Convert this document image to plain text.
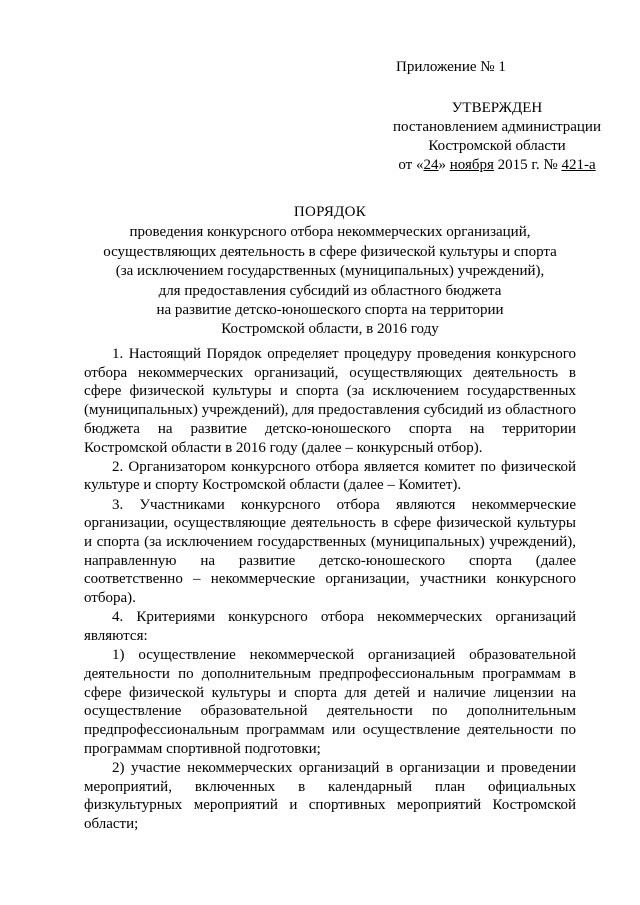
Приложение № 1
УТВЕРЖДЕН
постановлением администрации
Костромской области
от «24» ноября 2015 г. № 421-а
ПОРЯДОК
проведения конкурсного отбора некоммерческих организаций,
осуществляющих деятельность в сфере физической культуры и спорта
(за исключением государственных (муниципальных) учреждений),
для предоставления субсидий из областного бюджета
на развитие детско-юношеского спорта на территории
Костромской области, в 2016 году

1. Настоящий Порядок определяет процедуру проведения конкурсного отбора некоммерческих организаций, осуществляющих деятельность в сфере физической культуры и спорта (за исключением государственных (муниципальных) учреждений), для предоставления субсидий из областного бюджета на развитие детско-юношеского спорта на территории Костромской области в 2016 году (далее – конкурсный отбор).

2. Организатором конкурсного отбора является комитет по физической культуре и спорту Костромской области (далее – Комитет).

3. Участниками конкурсного отбора являются некоммерческие организации, осуществляющие деятельность в сфере физической культуры и спорта (за исключением государственных (муниципальных) учреждений), направленную на развитие детско-юношеского спорта (далее соответственно – некоммерческие организации, участники конкурсного отбора).

4. Критериями конкурсного отбора некоммерческих организаций являются:

1) осуществление некоммерческой организацией образовательной деятельности по дополнительным предпрофессиональным программам в сфере физической культуры и спорта для детей и наличие лицензии на осуществление образовательной деятельности по дополнительным предпрофессиональным программам или осуществление деятельности по программам спортивной подготовки;

2) участие некоммерческих организаций в организации и проведении мероприятий, включенных в календарный план официальных физкультурных мероприятий и спортивных мероприятий Костромской области;
